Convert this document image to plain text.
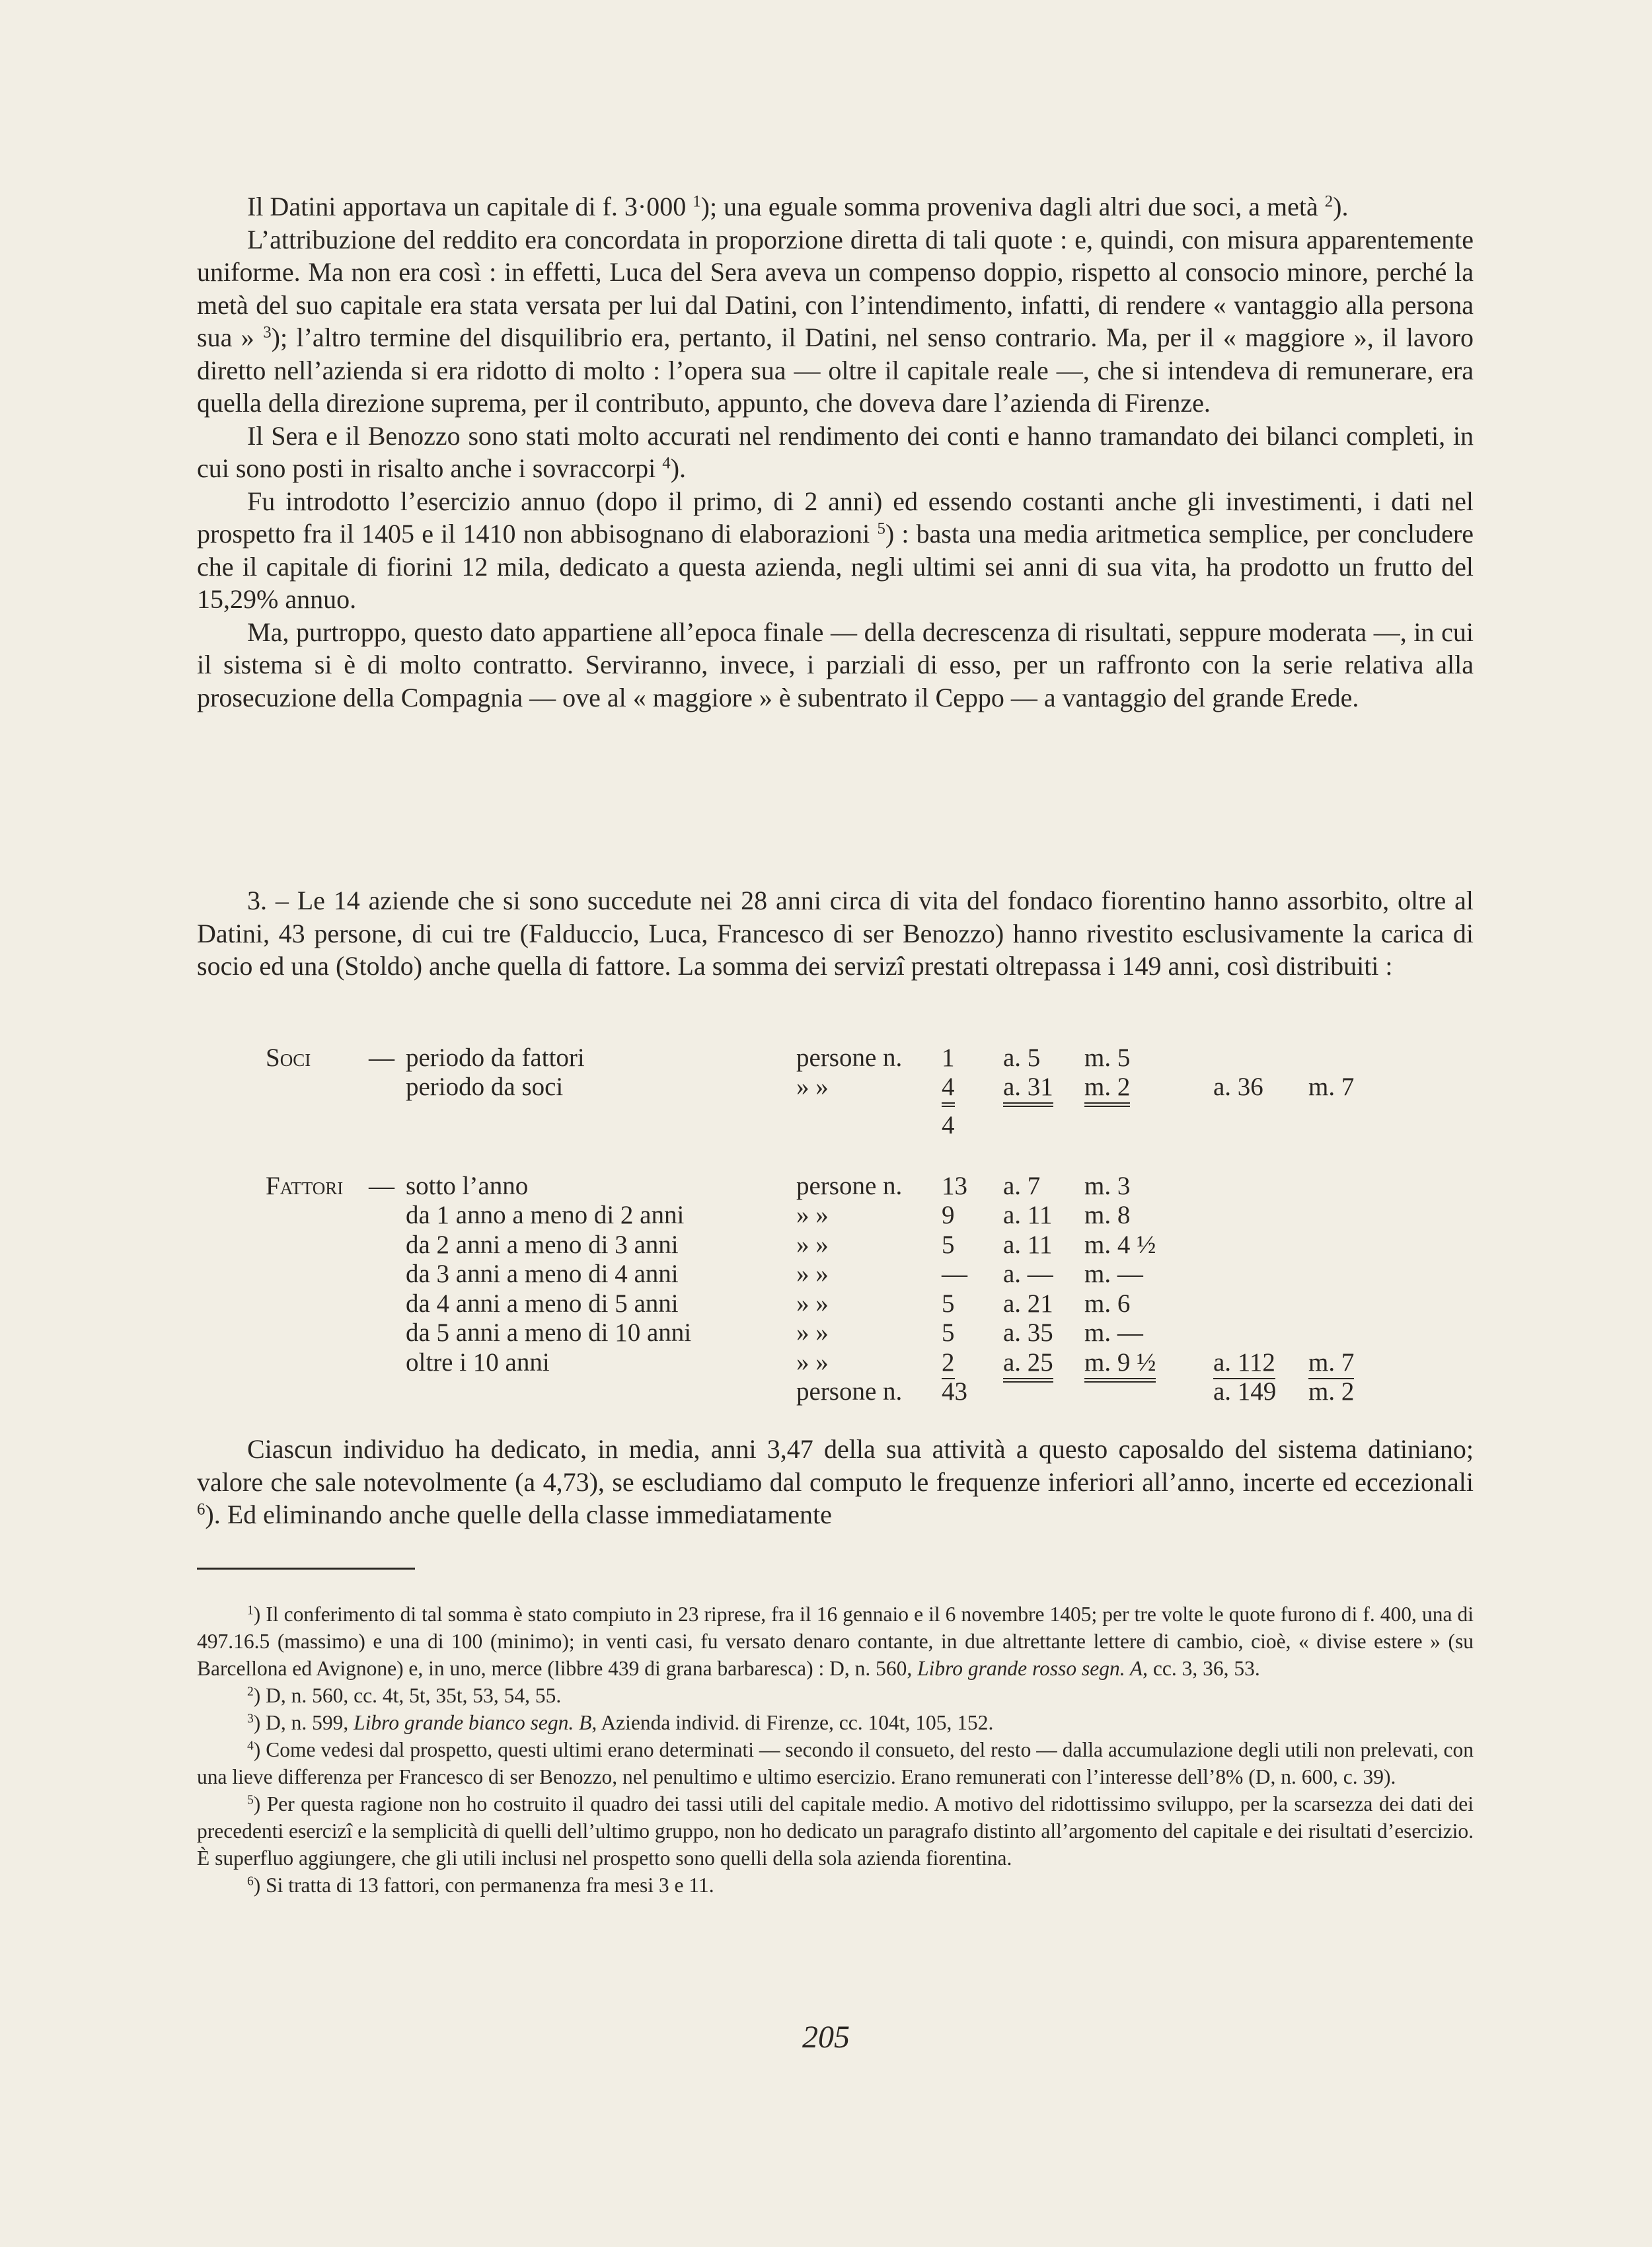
Il Datini apportava un capitale di f. 3·000 $^1$); una eguale somma proveniva dagli altri due soci, a metà $^2$).

L’attribuzione del reddito era concordata in proporzione diretta di tali quote : e, quindi, con misura apparentemente uniforme. Ma non era così : in effetti, Luca del Sera aveva un compenso doppio, rispetto al consocio minore, perché la metà del suo capitale era stata versata per lui dal Datini, con l’intendimento, infatti, di rendere « vantaggio alla persona sua » $^3$); l’altro termine del disquilibrio era, pertanto, il Datini, nel senso contrario. Ma, per il « maggiore », il lavoro diretto nell’azienda si era ridotto di molto : l’opera sua — oltre il capitale reale —, che si intendeva di remunerare, era quella della direzione suprema, per il contributo, appunto, che doveva dare l’azienda di Firenze.

Il Sera e il Benozzo sono stati molto accurati nel rendimento dei conti e hanno tramandato dei bilanci completi, in cui sono posti in risalto anche i sovraccorpi $^4$).

Fu introdotto l’esercizio annuo (dopo il primo, di 2 anni) ed essendo costanti anche gli investimenti, i dati nel prospetto fra il 1405 e il 1410 non abbisognano di elaborazioni $^5$) : basta una media aritmetica semplice, per concludere che il capitale di fiorini 12 mila, dedicato a questa azienda, negli ultimi sei anni di sua vita, ha prodotto un frutto del 15,29% annuo.

Ma, purtroppo, questo dato appartiene all’epoca finale — della decrescenza di risultati, seppure moderata —, in cui il sistema si è di molto contratto. Serviranno, invece, i parziali di esso, per un raffronto con la serie relativa alla prosecuzione della Compagnia — ove al « maggiore » è subentrato il Ceppo — a vantaggio del grande Erede.

3. – Le 14 aziende che si sono succedute nei 28 anni circa di vita del fondaco fiorentino hanno assorbito, oltre al Datini, 43 persone, di cui tre (Falduccio, Luca, Francesco di ser Benozzo) hanno rivestito esclusivamente la carica di socio ed una (Stoldo) anche quella di fattore. La somma dei servizî prestati oltrepassa i 149 anni, così distribuiti :

Soci — periodo da fattori	persone n. 1 a. 5 m. 5
periodo da soci	» »	4 a. 31 m. 2	a. 36 m. 7
4
Fattori — sotto l’anno	persone n. 13 a. 7 m. 3
da 1 anno a meno di 2 anni	» »	9 a. 11 m. 8
da 2 anni a meno di 3 anni	» »	5 a. 11 m. 4 ½
da 3 anni a meno di 4 anni	» »	— a. — m. —
da 4 anni a meno di 5 anni	» »	5 a. 21 m. 6
da 5 anni a meno di 10 anni	» »	5 a. 35 m. —
oltre i 10 anni	» »	2 a. 25 m. 9 ½ a. 112 m. 7
persone n. 43	a. 149 m. 2

Ciascun individuo ha dedicato, in media, anni 3,47 della sua attività a questo caposaldo del sistema datiniano; valore che sale notevolmente (a 4,73), se escludiamo dal computo le frequenze inferiori all’anno, incerte ed eccezionali $^6$). Ed eliminando anche quelle della classe immediatamente

$^1$) Il conferimento di tal somma è stato compiuto in 23 riprese, fra il 16 gennaio e il 6 novembre 1405; per tre volte le quote furono di f. 400, una di 497.16.5 (massimo) e una di 100 (minimo); in venti casi, fu versato denaro contante, in due altrettante lettere di cambio, cioè, « divise estere » (su Barcellona ed Avignone) e, in uno, merce (libbre 439 di grana barbaresca) : D, n. 560, Libro grande rosso segn. A, cc. 3, 36, 53.

$^2$) D, n. 560, cc. 4t, 5t, 35t, 53, 54, 55.

$^3$) D, n. 599, Libro grande bianco segn. B, Azienda individ. di Firenze, cc. 104t, 105, 152.

$^4$) Come vedesi dal prospetto, questi ultimi erano determinati — secondo il consueto, del resto — dalla accumulazione degli utili non prelevati, con una lieve differenza per Francesco di ser Benozzo, nel penultimo e ultimo esercizio. Erano remunerati con l’interesse dell’8% (D, n. 600, c. 39).

$^5$) Per questa ragione non ho costruito il quadro dei tassi utili del capitale medio. A motivo del ridottissimo sviluppo, per la scarsezza dei dati dei precedenti esercizî e la semplicità di quelli dell’ultimo gruppo, non ho dedicato un paragrafo distinto all’argomento del capitale e dei risultati d’esercizio. È superfluo aggiungere, che gli utili inclusi nel prospetto sono quelli della sola azienda fiorentina.

$^6$) Si tratta di 13 fattori, con permanenza fra mesi 3 e 11.

205
